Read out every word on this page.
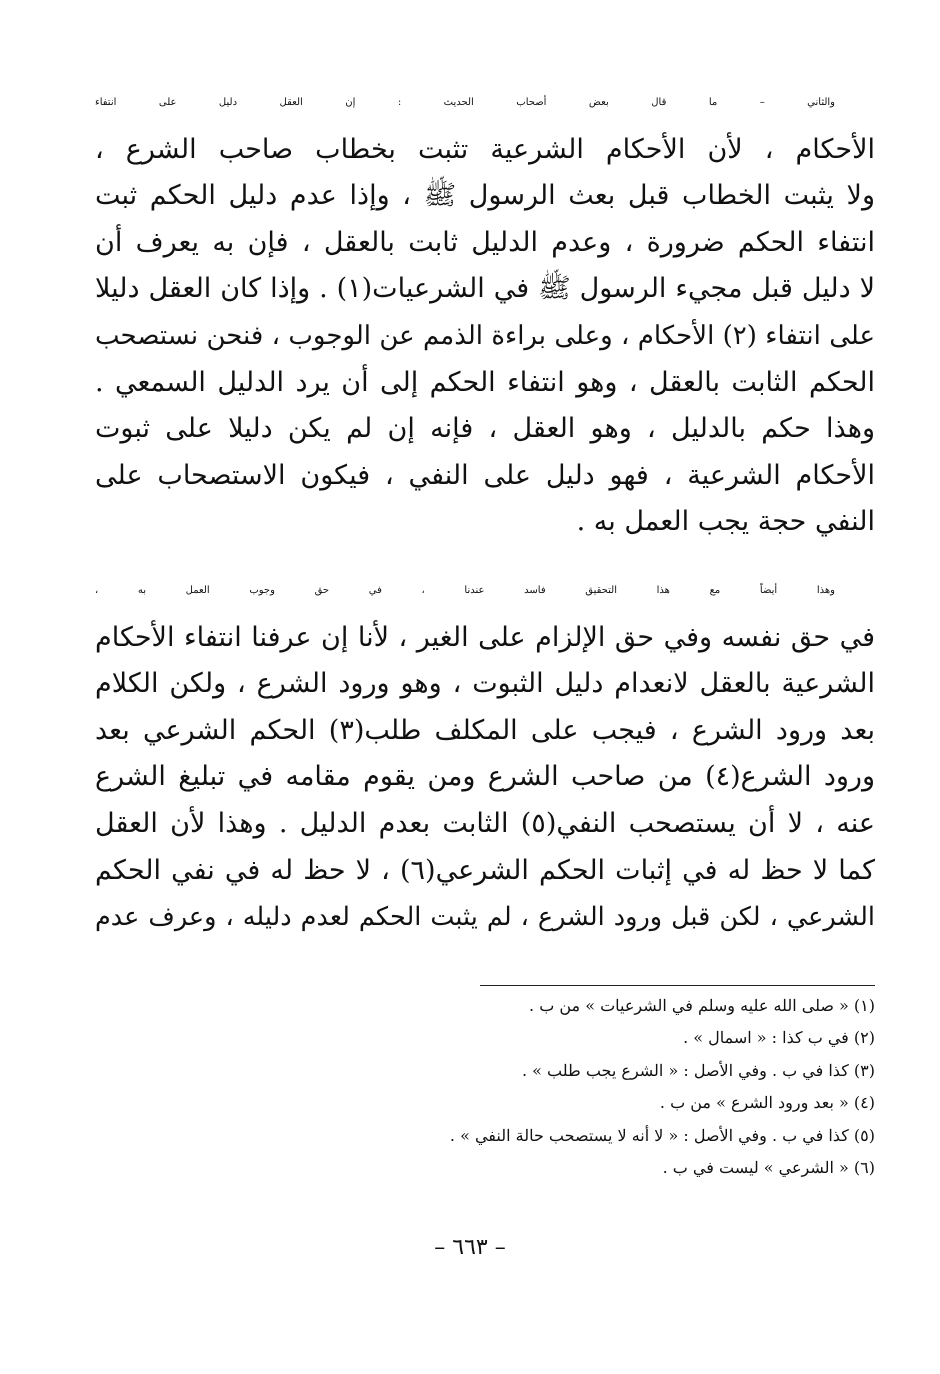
والثاني – ما قال بعض أصحاب الحديث : إن العقل دليل على انتفاء
الأحكام ، لأن الأحكام الشرعية تثبت بخطاب صاحب الشرع ،
ولا يثبت الخطاب قبل بعث الرسول ﷺ ، وإذا عدم دليل الحكم ثبت
انتفاء الحكم ضرورة ، وعدم الدليل ثابت بالعقل ، فإن به يعرف أن
لا دليل قبل مجيء الرسول ﷺ في الشرعيات(١) . وإذا كان العقل دليلا
على انتفاء (٢) الأحكام ، وعلى براءة الذمم عن الوجوب ، فنحن نستصحب
الحكم الثابت بالعقل ، وهو انتفاء الحكم إلى أن يرد الدليل السمعي .
وهذا حكم بالدليل ، وهو العقل ، فإنه إن لم يكن دليلا على ثبوت
الأحكام الشرعية ، فهو دليل على النفي ، فيكون الاستصحاب على
النفي حجة يجب العمل به .

وهذا أيضاً مع هذا التحقيق فاسد عندنا ، في حق وجوب العمل به ،
في حق نفسه وفي حق الإلزام على الغير ، لأنا إن عرفنا انتفاء الأحكام
الشرعية بالعقل لانعدام دليل الثبوت ، وهو ورود الشرع ، ولكن الكلام
بعد ورود الشرع ، فيجب على المكلف طلب(٣) الحكم الشرعي بعد
ورود الشرع(٤) من صاحب الشرع ومن يقوم مقامه في تبليغ الشرع
عنه ، لا أن يستصحب النفي(٥) الثابت بعدم الدليل . وهذا لأن العقل
كما لا حظ له في إثبات الحكم الشرعي(٦) ، لا حظ له في نفي الحكم
الشرعي ، لكن قبل ورود الشرع ، لم يثبت الحكم لعدم دليله ، وعرف عدم

(١) « صلى الله عليه وسلم في الشرعيات » من ب .
(٢) في ب كذا : « اسمال » .
(٣) كذا في ب . وفي الأصل : « الشرع يجب طلب » .
(٤) « بعد ورود الشرع » من ب .
(٥) كذا في ب . وفي الأصل : « لا أنه لا يستصحب حالة النفي » .
(٦) « الشرعي » ليست في ب .
– ٦٦٣ –
